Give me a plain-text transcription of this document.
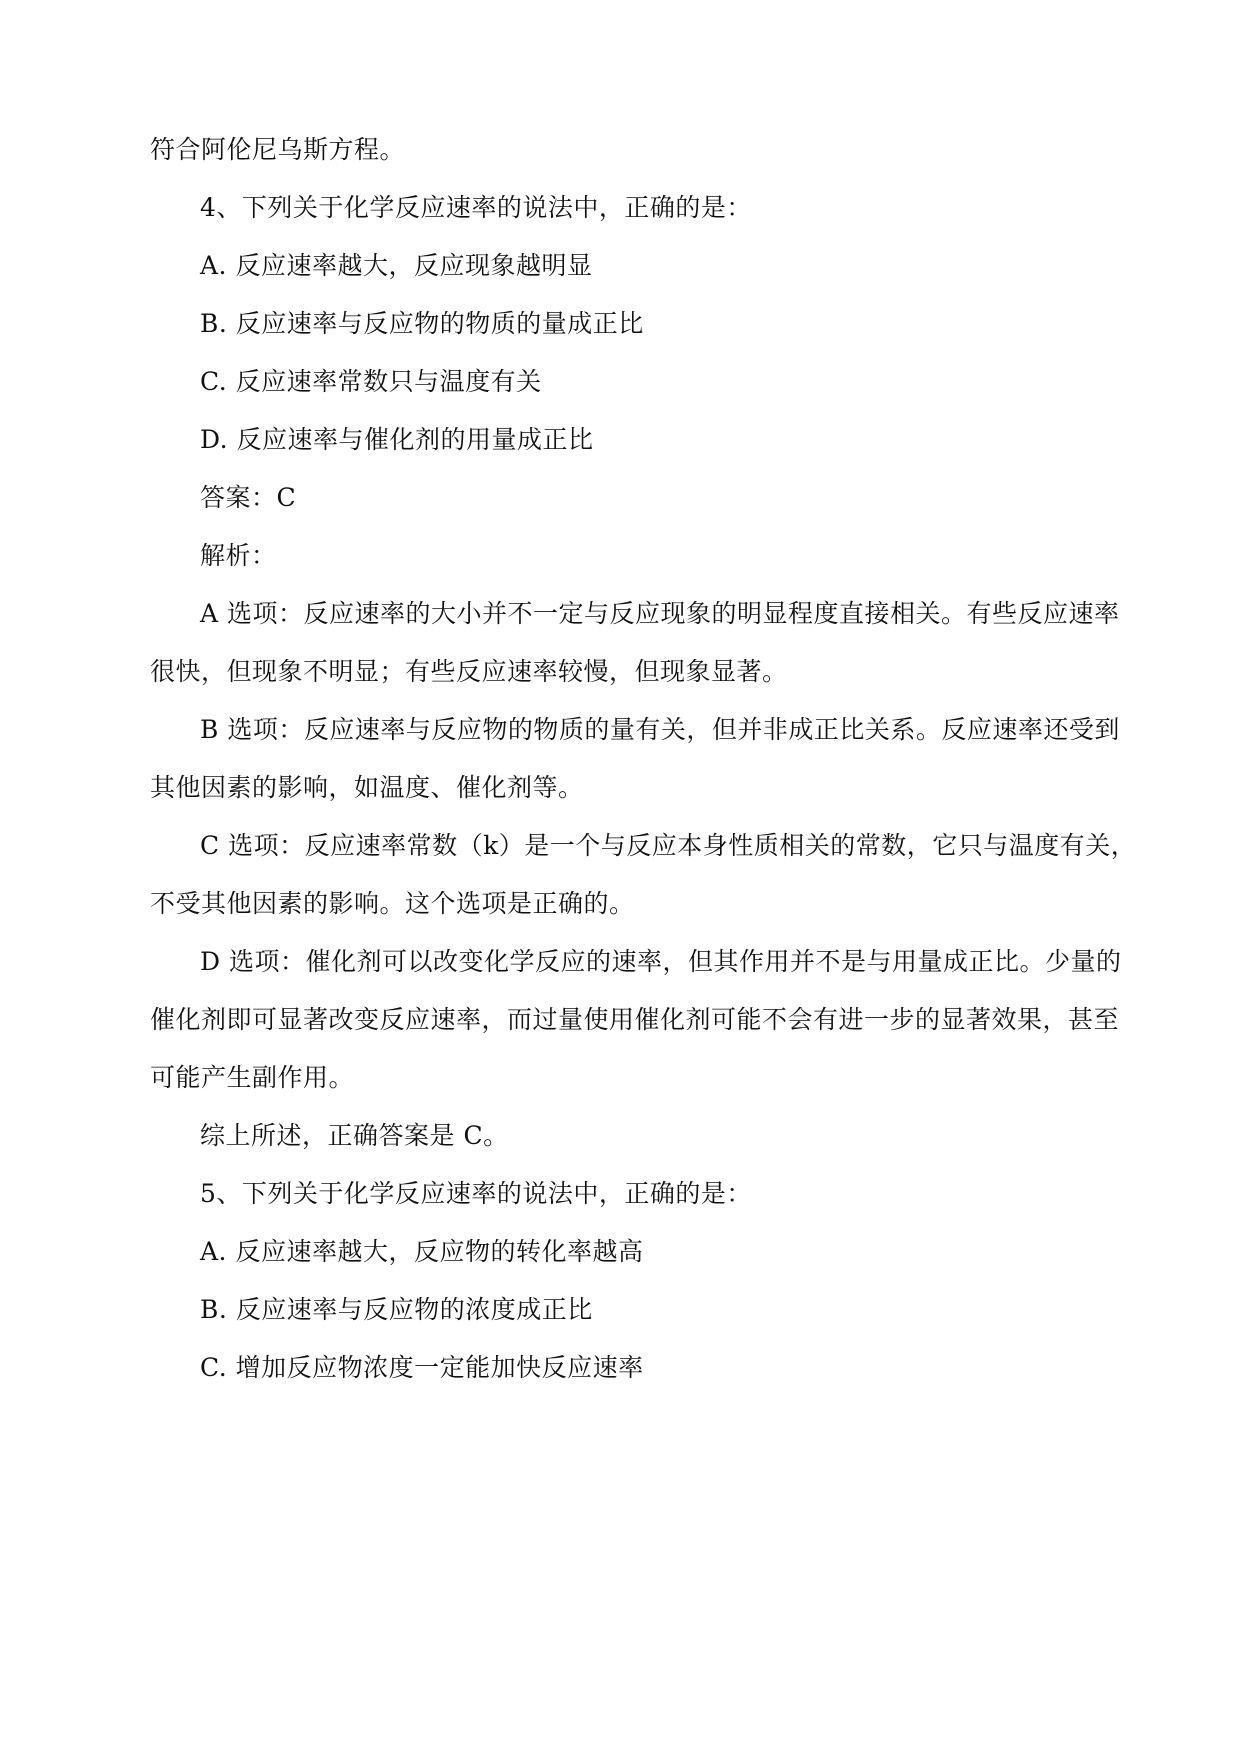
符合阿伦尼乌斯方程。
4、下列关于化学反应速率的说法中，正确的是：
A. 反应速率越大，反应现象越明显
B. 反应速率与反应物的物质的量成正比
C. 反应速率常数只与温度有关
D. 反应速率与催化剂的用量成正比
答案：C
解析：
A 选项：反应速率的大小并不一定与反应现象的明显程度直接相关。有些反应速率
很快，但现象不明显；有些反应速率较慢，但现象显著。
B 选项：反应速率与反应物的物质的量有关，但并非成正比关系。反应速率还受到
其他因素的影响，如温度、催化剂等。
C 选项：反应速率常数（k）是一个与反应本身性质相关的常数，它只与温度有关，
不受其他因素的影响。这个选项是正确的。
D 选项：催化剂可以改变化学反应的速率，但其作用并不是与用量成正比。少量的
催化剂即可显著改变反应速率，而过量使用催化剂可能不会有进一步的显著效果，甚至
可能产生副作用。
综上所述，正确答案是 C。
5、下列关于化学反应速率的说法中，正确的是：
A. 反应速率越大，反应物的转化率越高
B. 反应速率与反应物的浓度成正比
C. 增加反应物浓度一定能加快反应速率
